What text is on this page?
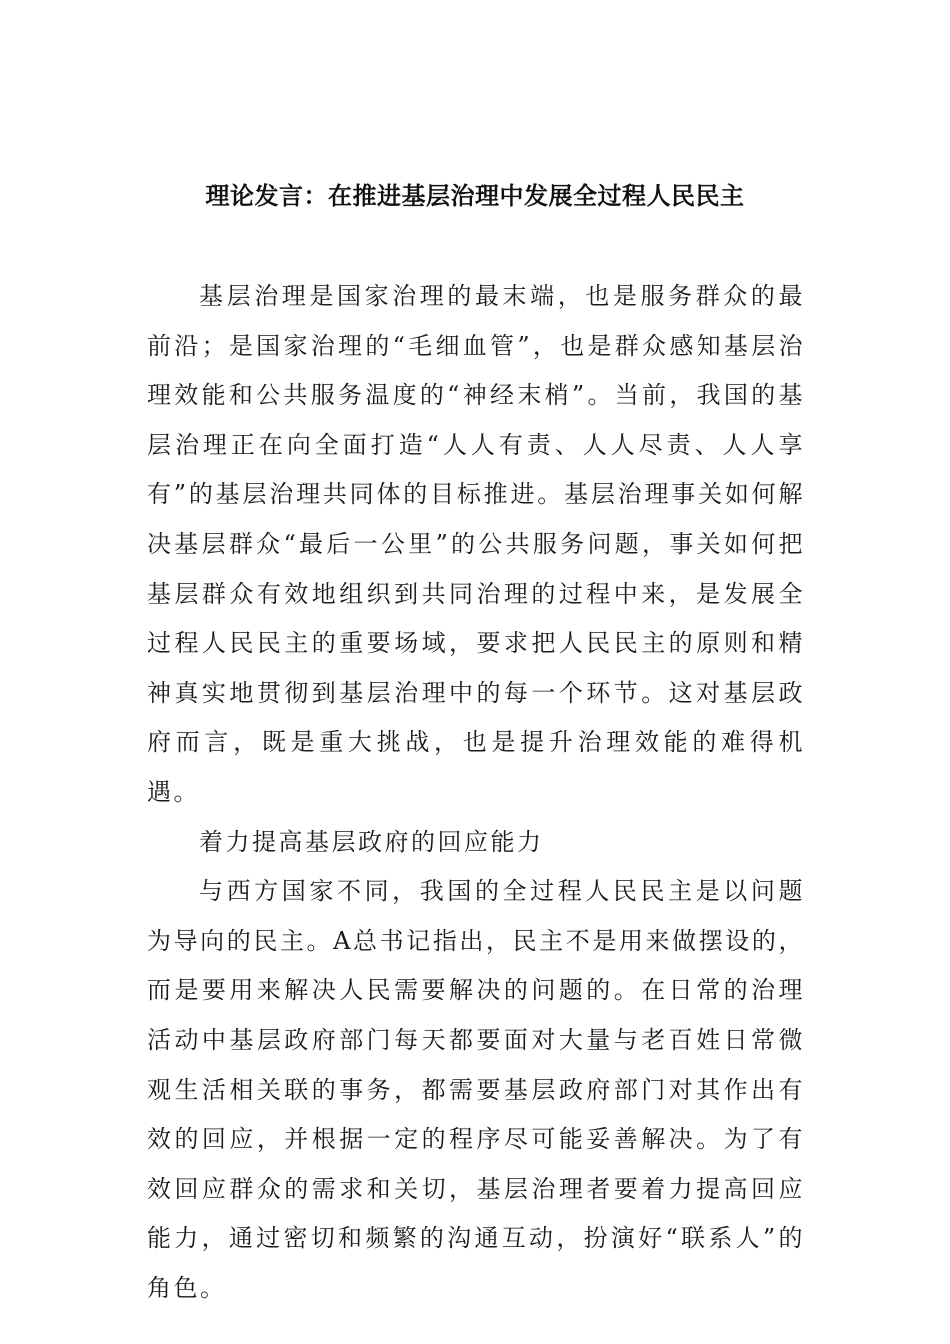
理论发言：在推进基层治理中发展全过程人民民主

基层治理是国家治理的最末端，也是服务群众的最前沿；是国家治理的“毛细血管”，也是群众感知基层治理效能和公共服务温度的“神经末梢”。当前，我国的基层治理正在向全面打造“人人有责、人人尽责、人人享有”的基层治理共同体的目标推进。基层治理事关如何解决基层群众“最后一公里”的公共服务问题，事关如何把基层群众有效地组织到共同治理的过程中来，是发展全过程人民民主的重要场域，要求把人民民主的原则和精神真实地贯彻到基层治理中的每一个环节。这对基层政府而言，既是重大挑战，也是提升治理效能的难得机遇。

着力提高基层政府的回应能力

与西方国家不同，我国的全过程人民民主是以问题为导向的民主。A总书记指出，民主不是用来做摆设的，而是要用来解决人民需要解决的问题的。在日常的治理活动中基层政府部门每天都要面对大量与老百姓日常微观生活相关联的事务，都需要基层政府部门对其作出有效的回应，并根据一定的程序尽可能妥善解决。为了有效回应群众的需求和关切，基层治理者要着力提高回应能力，通过密切和频繁的沟通互动，扮演好“联系人”的角色。
